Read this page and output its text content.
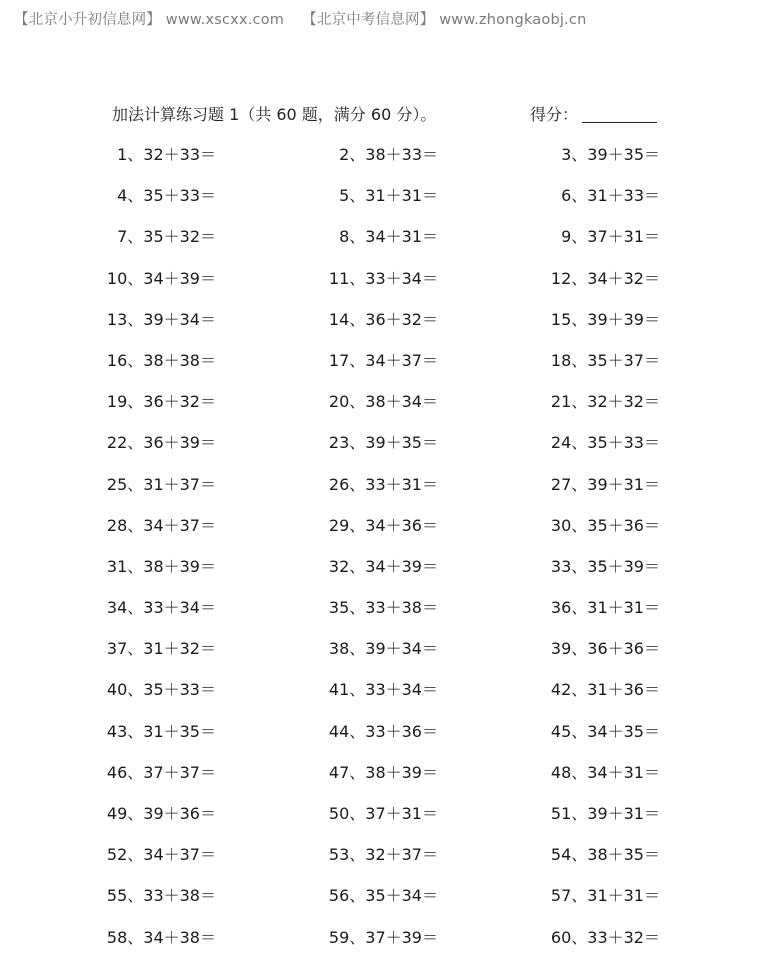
【北京小升初信息网】 www.xscxx.com 【北京中考信息网】 www.zhongkaobj.cn
加法计算练习题 1（共 60 题，满分 60 分）。	得分：
1、32＋33＝	2、38＋33＝	3、39＋35＝
4、35＋33＝	5、31＋31＝	6、31＋33＝
7、35＋32＝	8、34＋31＝	9、37＋31＝
10、34＋39＝	11、33＋34＝	12、34＋32＝
13、39＋34＝	14、36＋32＝	15、39＋39＝
16、38＋38＝	17、34＋37＝	18、35＋37＝
19、36＋32＝	20、38＋34＝	21、32＋32＝
22、36＋39＝	23、39＋35＝	24、35＋33＝
25、31＋37＝	26、33＋31＝	27、39＋31＝
28、34＋37＝	29、34＋36＝	30、35＋36＝
31、38＋39＝	32、34＋39＝	33、35＋39＝
34、33＋34＝	35、33＋38＝	36、31＋31＝
37、31＋32＝	38、39＋34＝	39、36＋36＝
40、35＋33＝	41、33＋34＝	42、31＋36＝
43、31＋35＝	44、33＋36＝	45、34＋35＝
46、37＋37＝	47、38＋39＝	48、34＋31＝
49、39＋36＝	50、37＋31＝	51、39＋31＝
52、34＋37＝	53、32＋37＝	54、38＋35＝
55、33＋38＝	56、35＋34＝	57、31＋31＝
58、34＋38＝	59、37＋39＝	60、33＋32＝
